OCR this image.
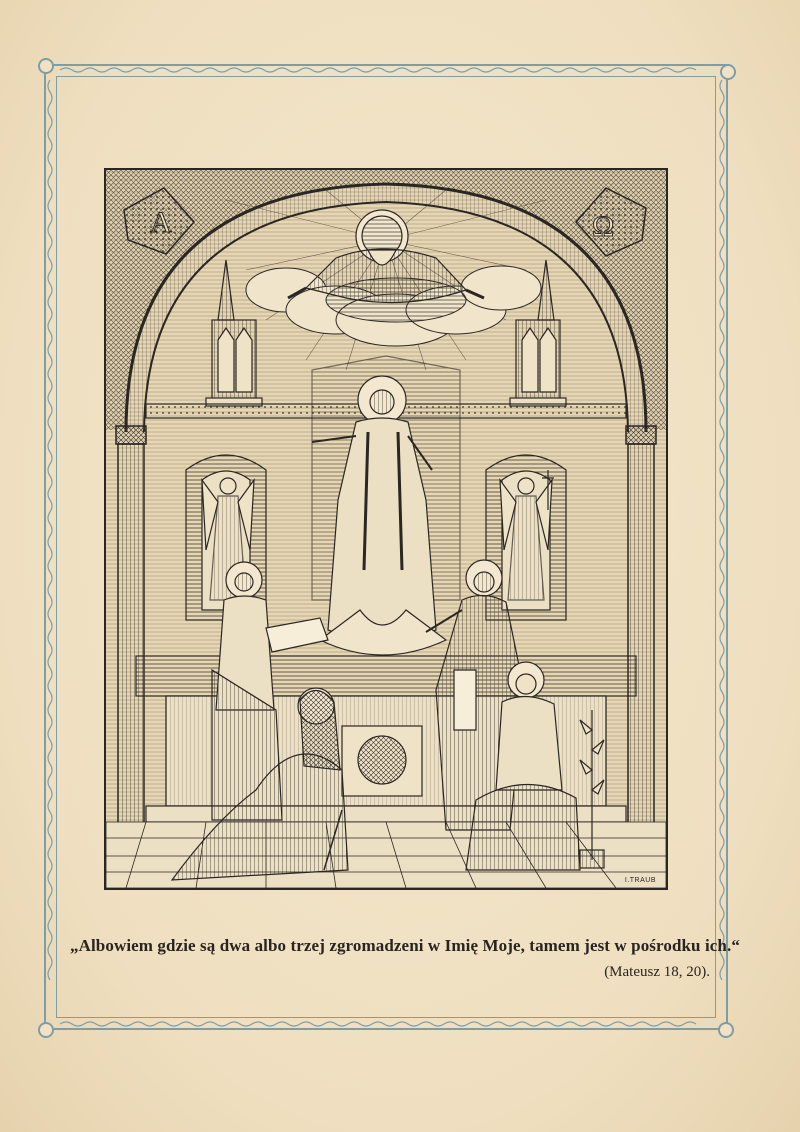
A	Ω
I.TRAUB
„Albowiem gdzie są dwa albo trzej zgromadzeni w Imię Moje, tamem jest w pośrodku ich.“
(Mateusz 18, 20).
